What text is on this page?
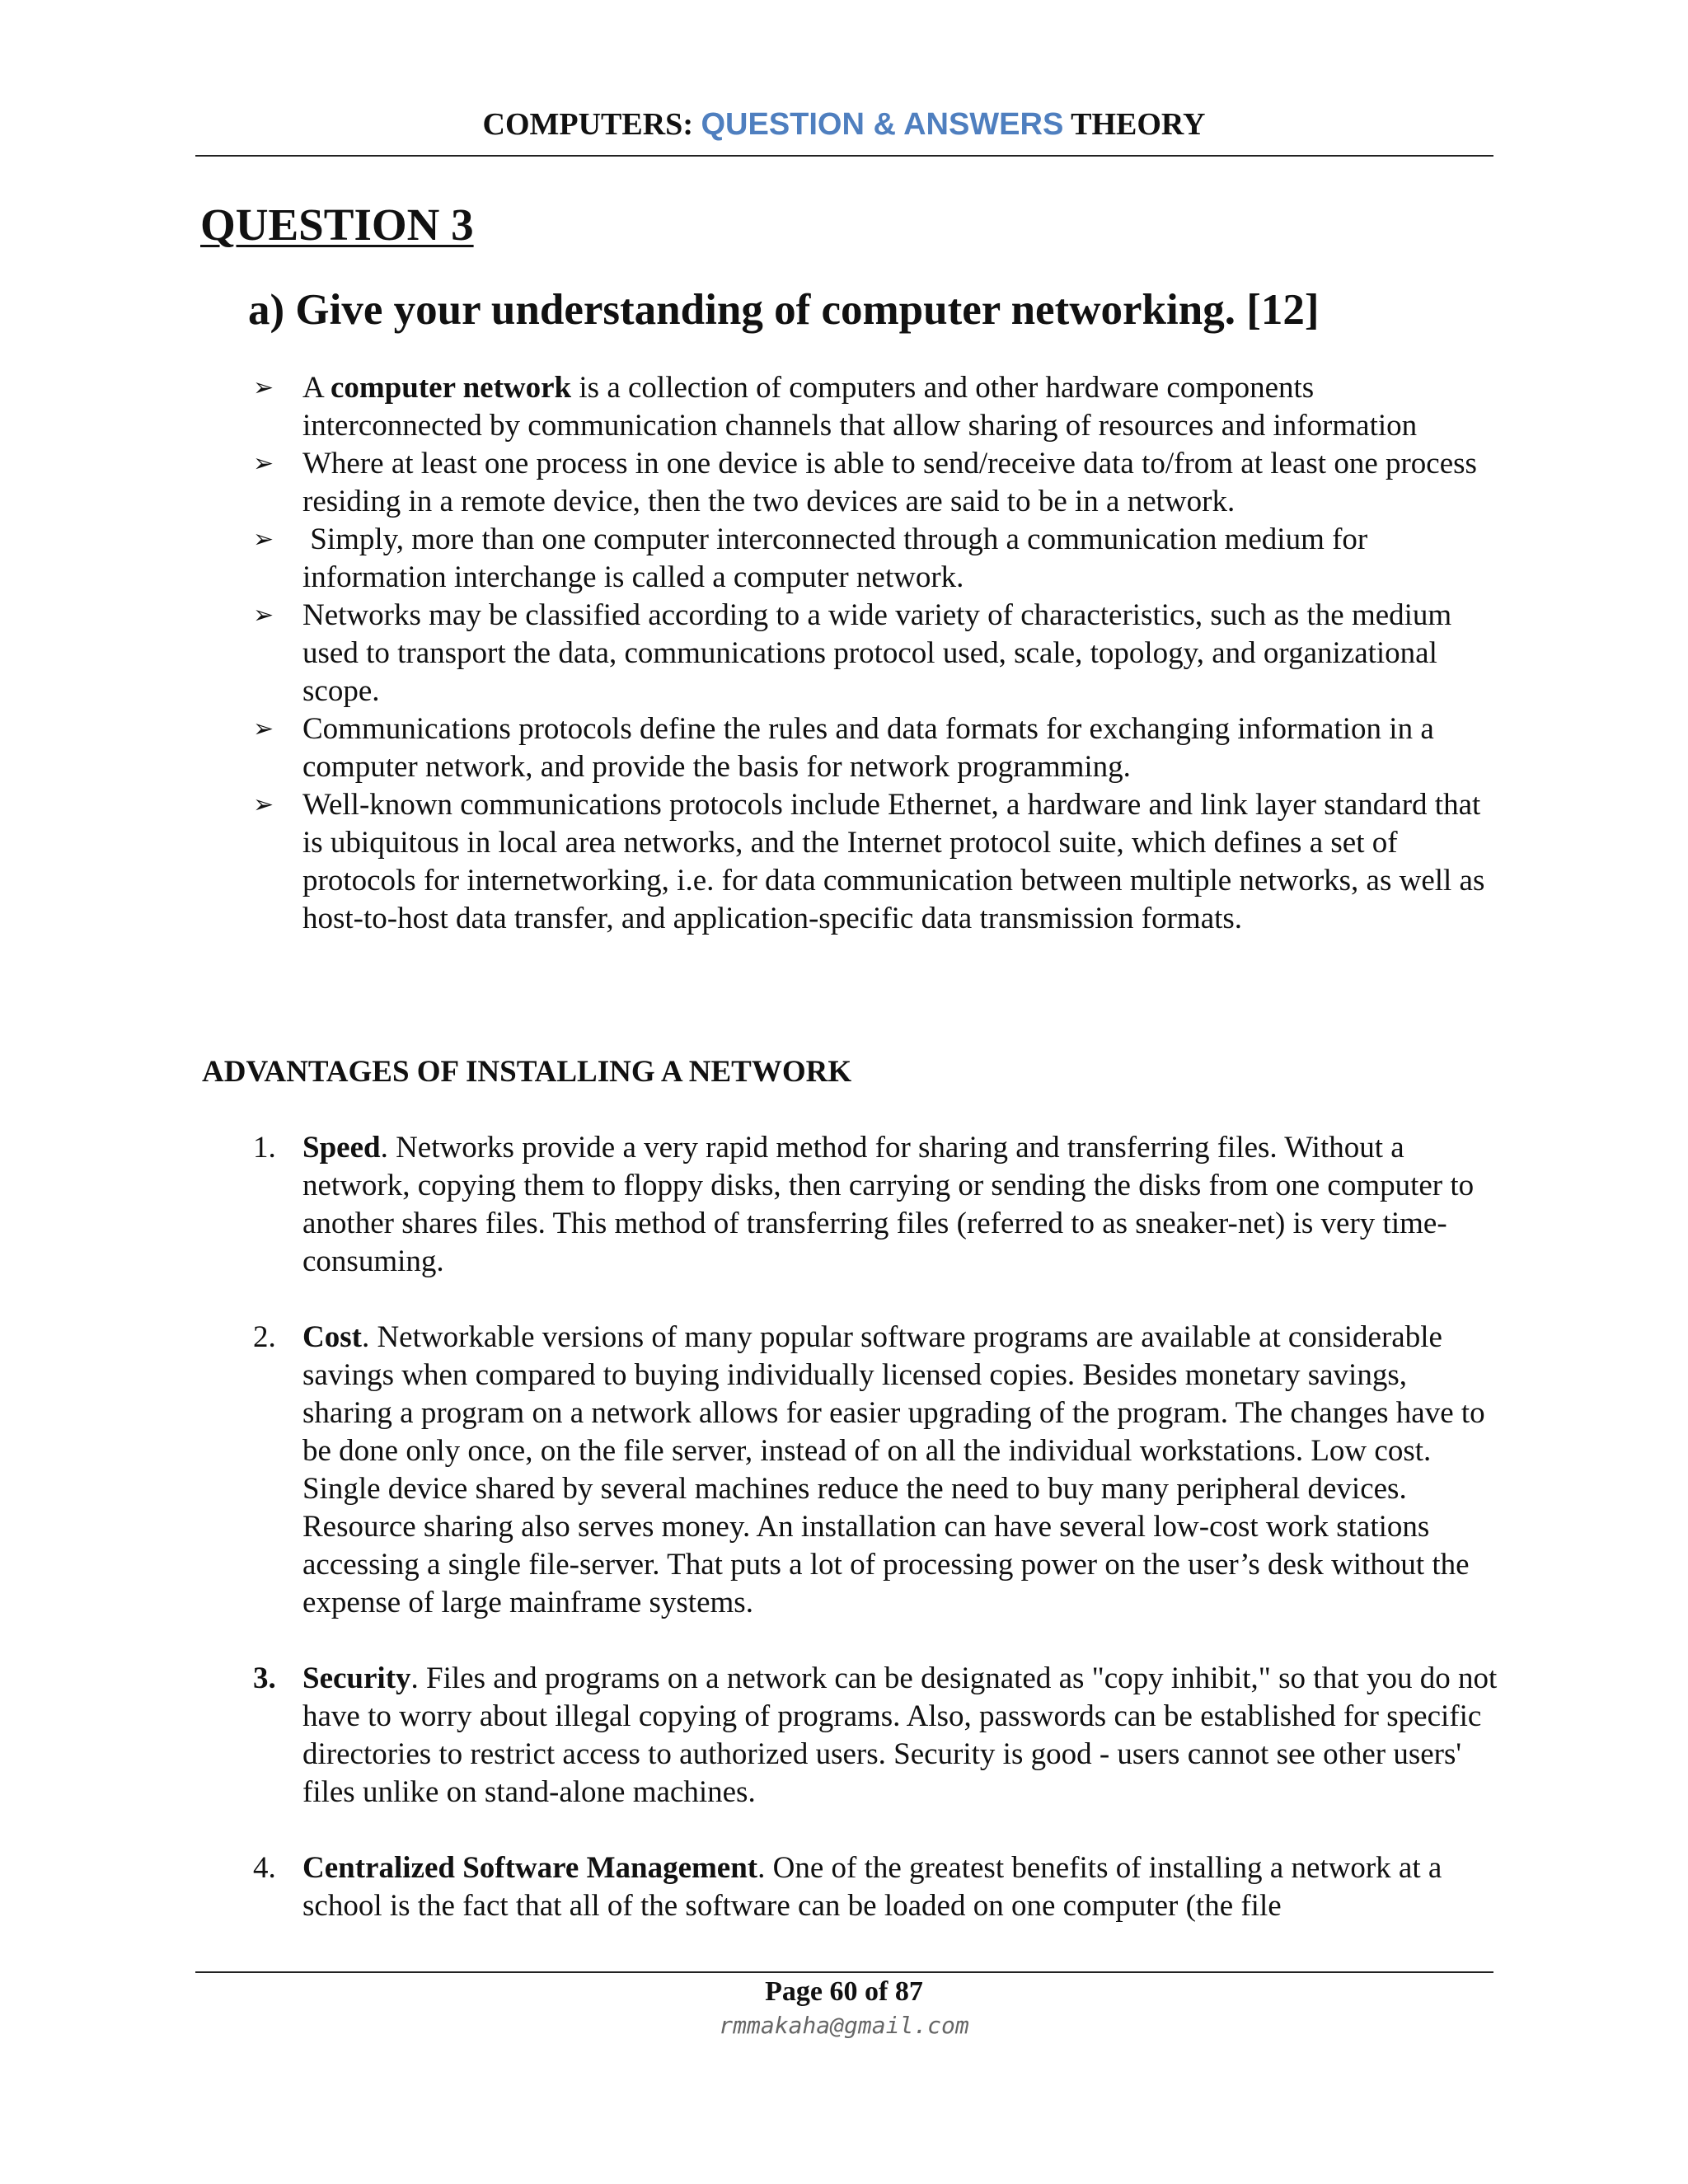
COMPUTERS: QUESTION & ANSWERS THEORY
QUESTION 3
a) Give your understanding of computer networking. [12]
➢ A computer network is a collection of computers and other hardware components interconnected by communication channels that allow sharing of resources and information
➢ Where at least one process in one device is able to send/receive data to/from at least one process residing in a remote device, then the two devices are said to be in a network.
➢ Simply, more than one computer interconnected through a communication medium for information interchange is called a computer network.
➢ Networks may be classified according to a wide variety of characteristics, such as the medium used to transport the data, communications protocol used, scale, topology, and organizational scope.
➢ Communications protocols define the rules and data formats for exchanging information in a computer network, and provide the basis for network programming.
➢ Well-known communications protocols include Ethernet, a hardware and link layer standard that is ubiquitous in local area networks, and the Internet protocol suite, which defines a set of protocols for internetworking, i.e. for data communication between multiple networks, as well as host-to-host data transfer, and application-specific data transmission formats.
ADVANTAGES OF INSTALLING A NETWORK
1. Speed. Networks provide a very rapid method for sharing and transferring files. Without a network, copying them to floppy disks, then carrying or sending the disks from one computer to another shares files. This method of transferring files (referred to as sneaker-net) is very time-consuming.
2. Cost. Networkable versions of many popular software programs are available at considerable savings when compared to buying individually licensed copies. Besides monetary savings, sharing a program on a network allows for easier upgrading of the program. The changes have to be done only once, on the file server, instead of on all the individual workstations. Low cost. Single device shared by several machines reduce the need to buy many peripheral devices. Resource sharing also serves money. An installation can have several low-cost work stations accessing a single file-server. That puts a lot of processing power on the user’s desk without the expense of large mainframe systems.
3. Security. Files and programs on a network can be designated as "copy inhibit," so that you do not have to worry about illegal copying of programs. Also, passwords can be established for specific directories to restrict access to authorized users. Security is good - users cannot see other users' files unlike on stand-alone machines.
4. Centralized Software Management. One of the greatest benefits of installing a network at a school is the fact that all of the software can be loaded on one computer (the file
Page 60 of 87
rmmakaha@gmail.com
